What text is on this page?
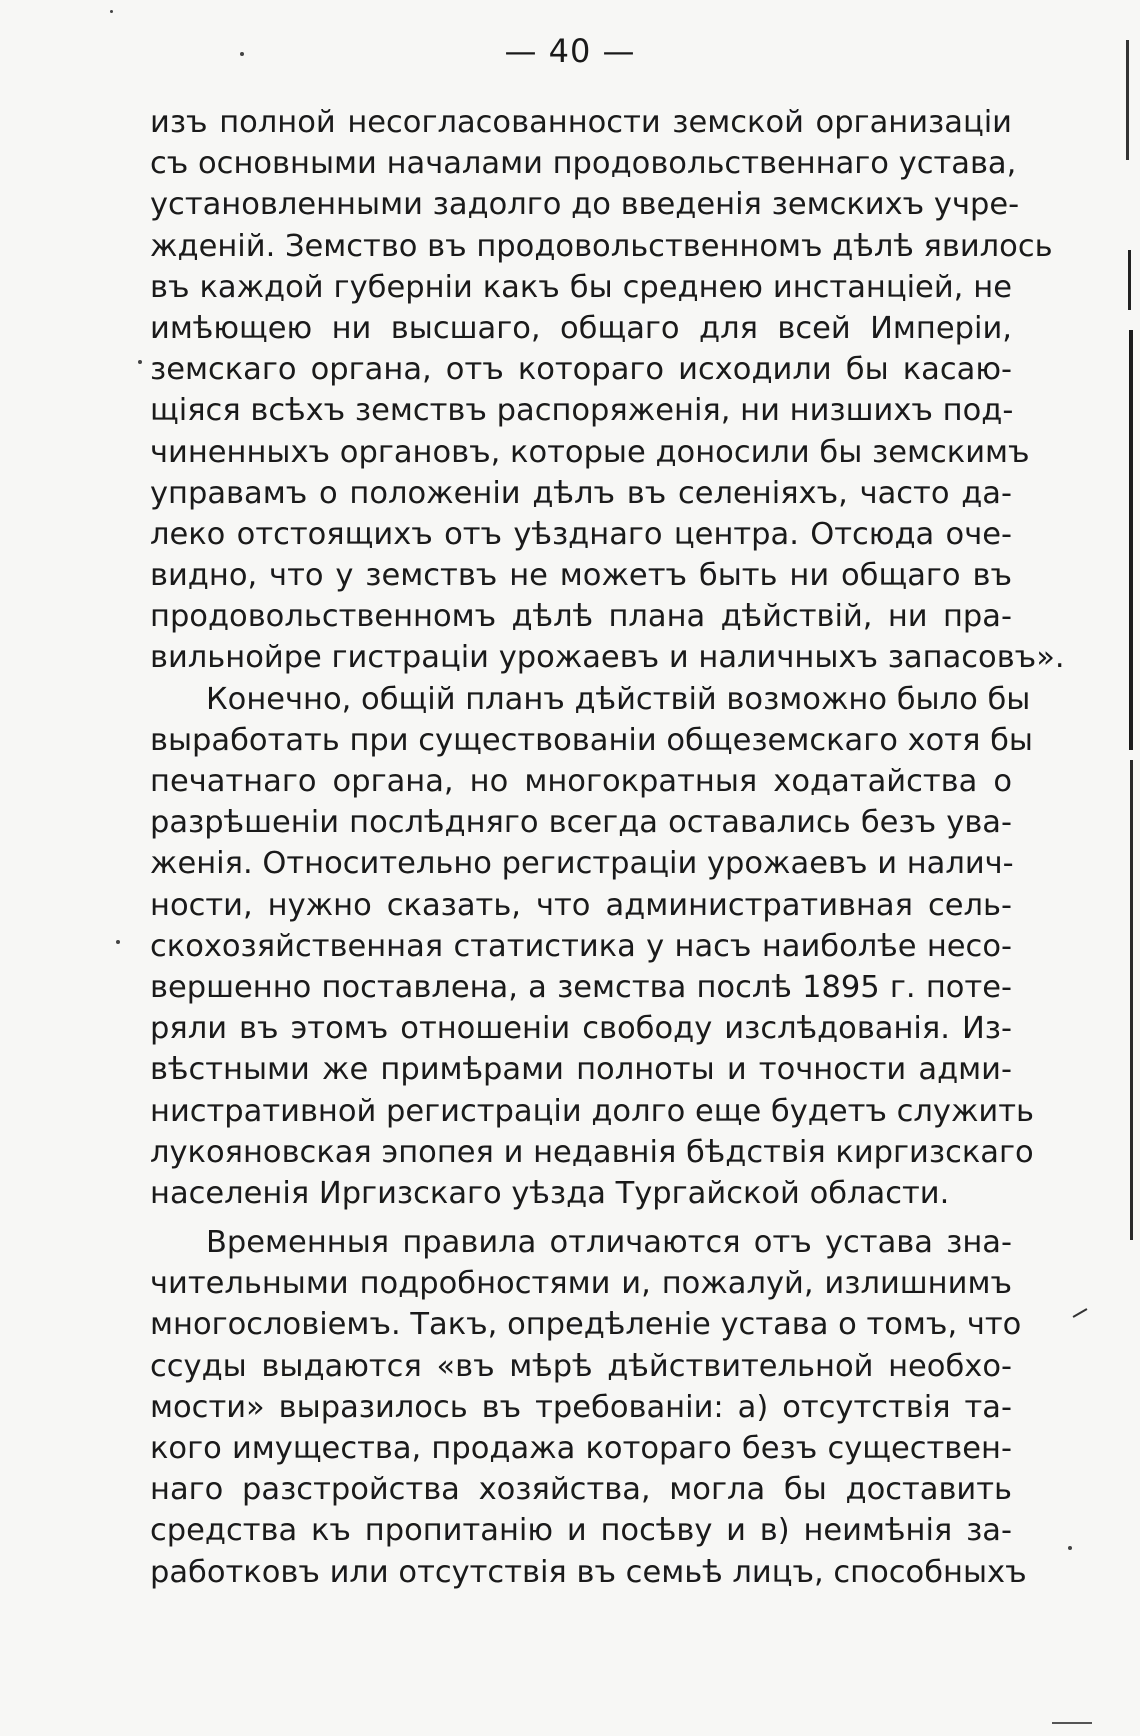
— 40 —
изъ полной несогласованности земской организаціи
съ основными началами продовольственнаго устава,
установленными задолго до введенія земскихъ учре-
жденій. Земство въ продовольственномъ дѣлѣ явилось
въ каждой губерніи какъ бы среднею инстанціей, не
имѣющею ни высшаго, общаго для всей Имперіи,
земскаго органа, отъ котораго исходили бы касаю-
щіяся всѣхъ земствъ распоряженія, ни низшихъ под-
чиненныхъ органовъ, которые доносили бы земскимъ
управамъ о положеніи дѣлъ въ селеніяхъ, часто да-
леко отстоящихъ отъ уѣзднаго центра. Отсюда оче-
видно, что у земствъ не можетъ быть ни общаго въ
продовольственномъ дѣлѣ плана дѣйствій, ни пра-
вильнойре гистраціи урожаевъ и наличныхъ запасовъ».
Конечно, общій планъ дѣйствій возможно было бы
выработать при существованіи общеземскаго хотя бы
печатнаго органа, но многократныя ходатайства о
разрѣшеніи послѣдняго всегда оставались безъ ува-
женія. Относительно регистраціи урожаевъ и налич-
ности, нужно сказать, что административная сель-
скохозяйственная статистика у насъ наиболѣе несо-
вершенно поставлена, а земства послѣ 1895 г. поте-
ряли въ этомъ отношеніи свободу изслѣдованія. Из-
вѣстными же примѣрами полноты и точности адми-
нистративной регистраціи долго еще будетъ служить
лукояновская эпопея и недавнія бѣдствія киргизскаго
населенія Иргизскаго уѣзда Тургайской области.
Временныя правила отличаются отъ устава зна-
чительными подробностями и, пожалуй, излишнимъ
многословіемъ. Такъ, опредѣленіе устава о томъ, что
ссуды выдаются «въ мѣрѣ дѣйствительной необхо-
мости» выразилось въ требованіи: а) отсутствія та-
кого имущества, продажа котораго безъ существен-
наго разстройства хозяйства, могла бы доставить
средства къ пропитанію и посѣву и в) неимѣнія за-
работковъ или отсутствія въ семьѣ лицъ, способныхъ
